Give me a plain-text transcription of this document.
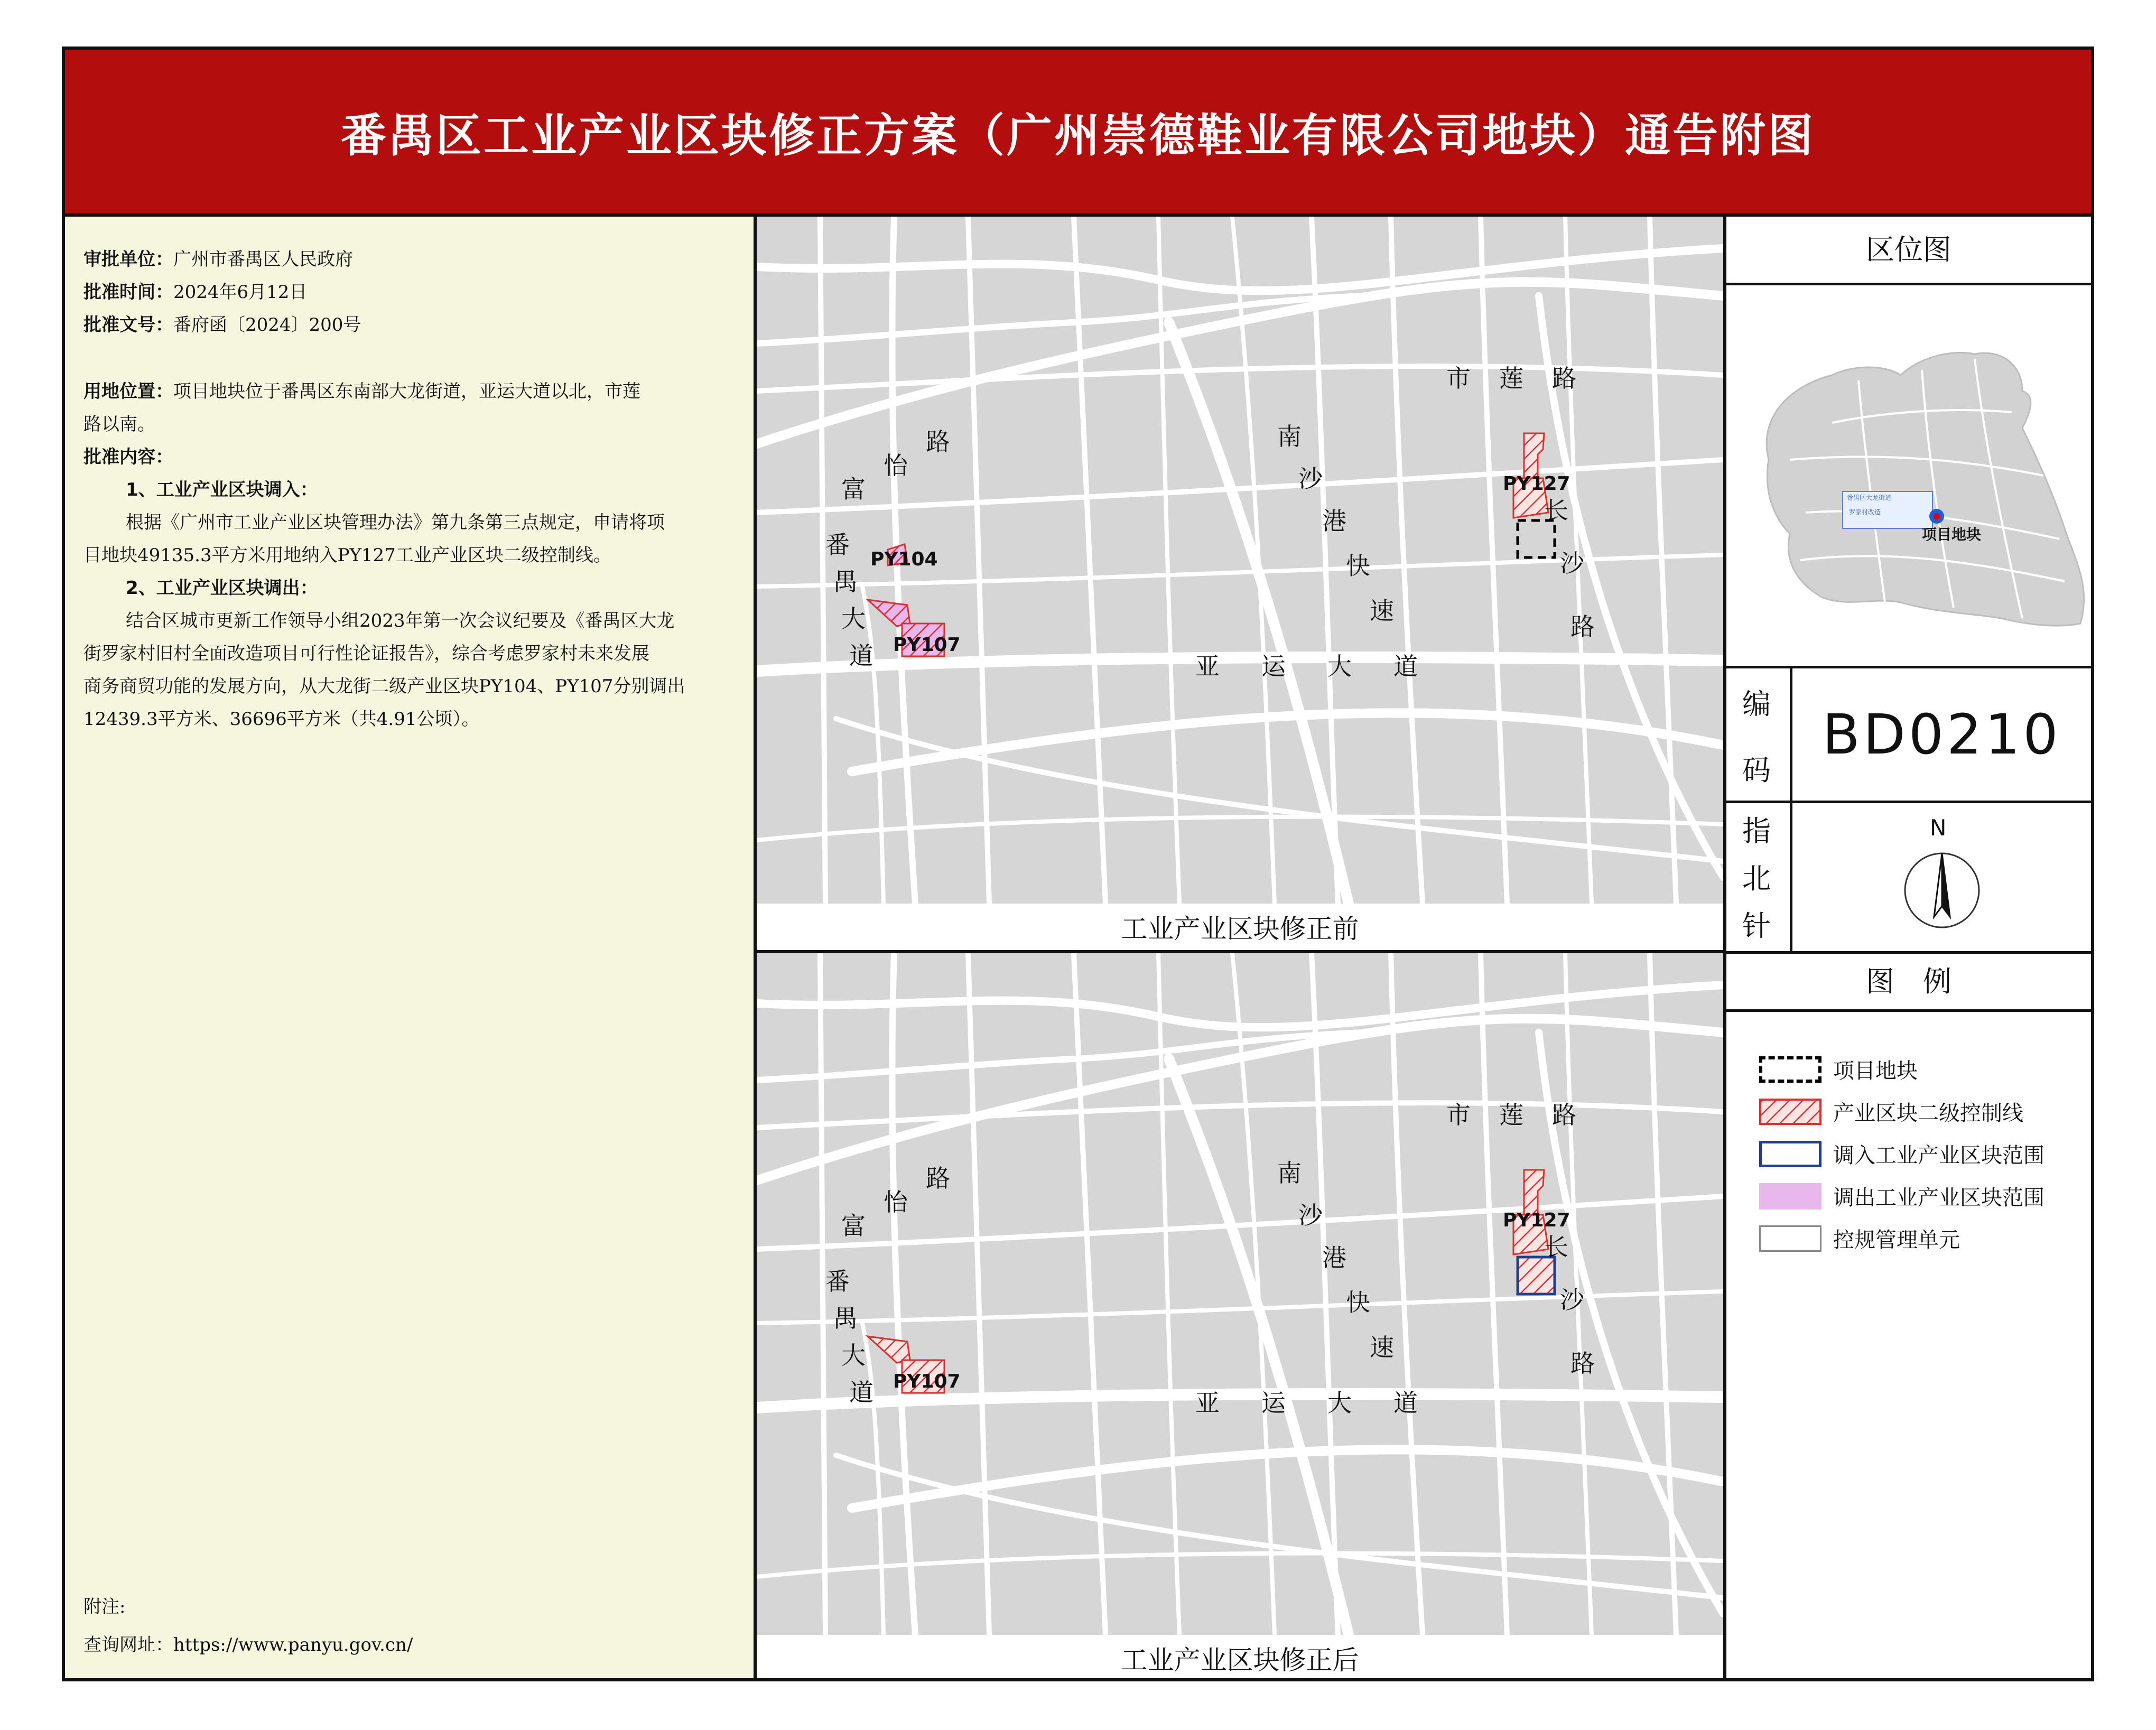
番禺区工业产业区块修正方案（广州崇德鞋业有限公司地块）通告附图
审批单位：广州市番禺区人民政府
批准时间：2024年6月12日
批准文号：番府函〔2024〕200号
用地位置：项目地块位于番禺区东南部大龙街道，亚运大道以北，市莲
路以南。
批准内容：

1、工业产业区块调入：

根据《广州市工业产业区块管理办法》第九条第三点规定，申请将项

目地块49135.3平方米用地纳入PY127工业产业区块二级控制线。

2、工业产业区块调出：

结合区城市更新工作领导小组2023年第一次会议纪要及《番禺区大龙

街罗家村旧村全面改造项目可行性论证报告》，综合考虑罗家村未来发展
商务商贸功能的发展方向，从大龙街二级产业区块PY104、PY107分别调出
12439.3平方米、36696平方米（共4.91公顷）。
附注:
查询网址：https://www.panyu.gov.cn/
市 莲 路
富
怡
路	南
沙
港
快
速
番
禺
大
道	亚 运 大 道
长
沙
路
PY127
PY104
PY107
工业产业区块修正前
市 莲 路
富
怡
路	南
沙
港
快
速
番
禺
大
道	亚 运 大 道
长
沙
路
PY127
PY107
工业产业区块修正后
区位图
番禺区大龙街道
罗家村改造
项目地块
编
码
BD0210
指
北
针
N
图　例
项目地块
产业区块二级控制线
调入工业产业区块范围
调出工业产业区块范围
控规管理单元
